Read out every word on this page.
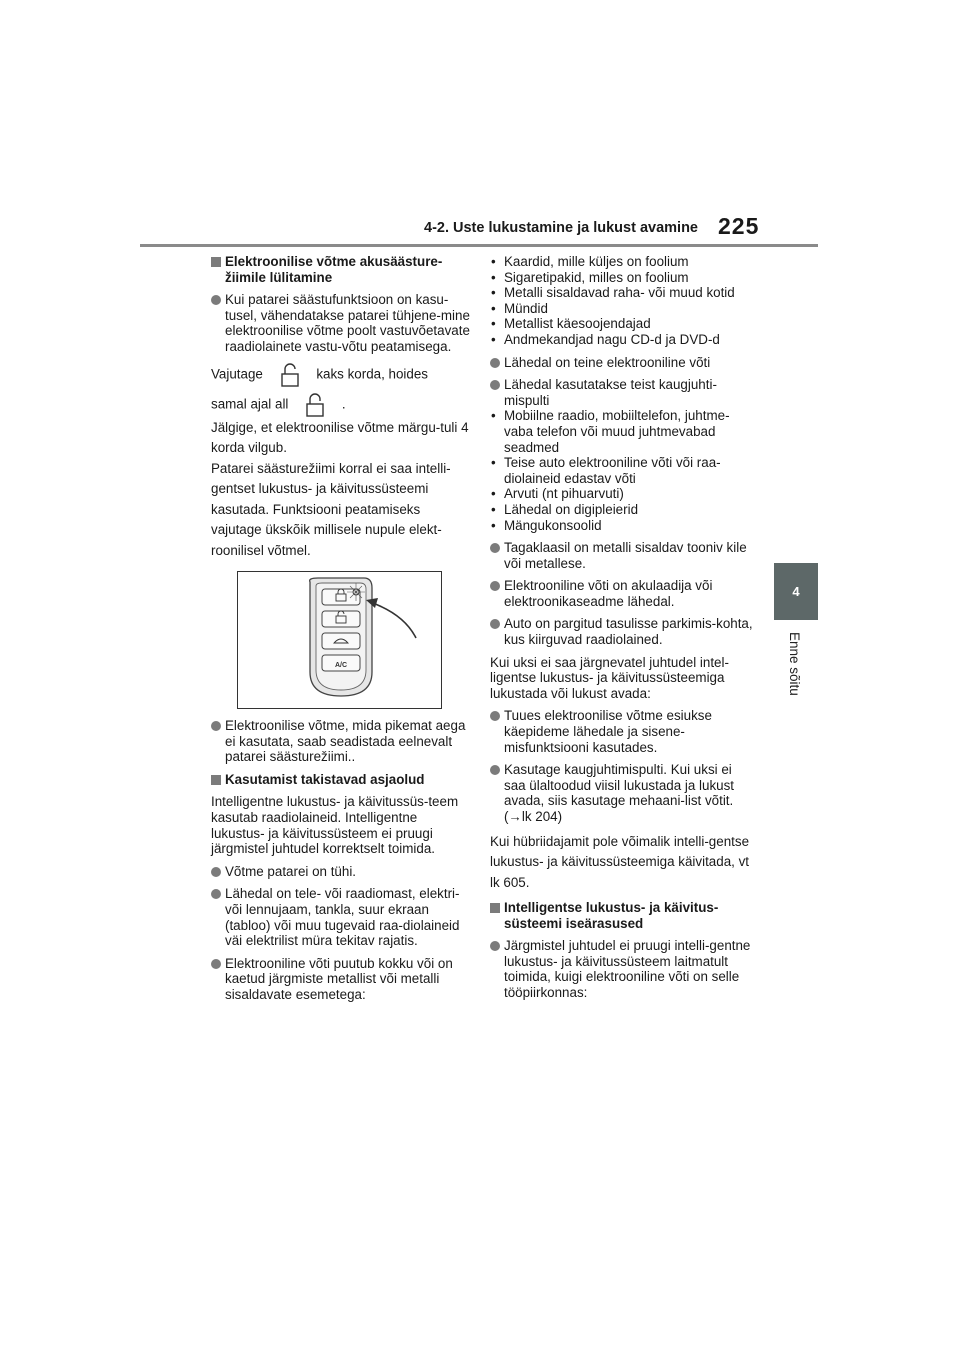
4-2. Uste lukustamine ja lukust avamine 225
4
Enne sõitu
Elektroonilise võtme akusäästure-žiimile lülitamine
Kui patarei säästufunktsioon on kasu-tusel, vähendatakse patarei tühjene-mine elektroonilise võtme poolt vastuvõetavate raadiolainete vastu-võtu peatamisega.
Vajutage	kaks korda, hoides
samal ajal all	.
Jälgige, et elektroonilise võtme märgu-tuli 4 korda vilgub.
Patarei säästurežiimi korral ei saa intelli-gentset lukustus- ja käivitussüsteemi kasutada. Funktsiooni peatamiseks vajutage ükskõik millisele nupule elekt-roonilisel võtmel.
A/C
Elektroonilise võtme, mida pikemat aega ei kasutata, saab seadistada eelnevalt patarei säästurežiimi..
Kasutamist takistavad asjaolud
Intelligentne lukustus- ja käivitussüs-teem kasutab raadiolaineid. Intelligentne lukustus- ja käivitussüsteem ei pruugi järgmistel juhtudel korrektselt toimida.
Võtme patarei on tühi.
Lähedal on tele- või raadiomast, elektri- või lennujaam, tankla, suur ekraan (tabloo) või muu tugevaid raa-diolaineid väi elektrilist müra tekitav rajatis.
Elektrooniline võti puutub kokku või on kaetud järgmiste metallist või metalli sisaldavate esemetega:
• Kaardid, mille küljes on foolium
• Sigaretipakid, milles on foolium
• Metalli sisaldavad raha- või muud kotid
• Mündid
• Metallist käesoojendajad
• Andmekandjad nagu CD-d ja DVD-d
Lähedal on teine elektrooniline võti
Lähedal kasutatakse teist kaugjuhti-mispulti
• Mobiilne raadio, mobiiltelefon, juhtme-vaba telefon või muud juhtmevabad seadmed
• Teise auto elektrooniline võti või raa-diolaineid edastav võti
• Arvuti (nt pihuarvuti)
• Lähedal on digipleierid
• Mängukonsoolid
Tagaklaasil on metalli sisaldav tooniv kile või metallese.
Elektrooniline võti on akulaadija või elektroonikaseadme lähedal.
Auto on pargitud tasulisse parkimis-kohta, kus kiirguvad raadiolained.
Kui uksi ei saa järgnevatel juhtudel intel-ligentse lukustus- ja käivitussüsteemiga lukustada või lukust avada:
Tuues elektroonilise võtme esiukse käepideme lähedale ja sisene-misfunktsiooni kasutades.
Kasutage kaugjuhtimispulti. Kui uksi ei saa ülaltoodud viisil lukustada ja lukust avada, siis kasutage mehaani-list võtit. (→lk 204)
Kui hübriidajamit pole võimalik intelli-gentse lukustus- ja käivitussüsteemiga käivitada, vt lk 605.
Intelligentse lukustus- ja käivitus-süsteemi iseärasused
Järgmistel juhtudel ei pruugi intelli-gentne lukustus- ja käivitussüsteem laitmatult toimida, kuigi elektrooniline võti on selle tööpiirkonnas:
